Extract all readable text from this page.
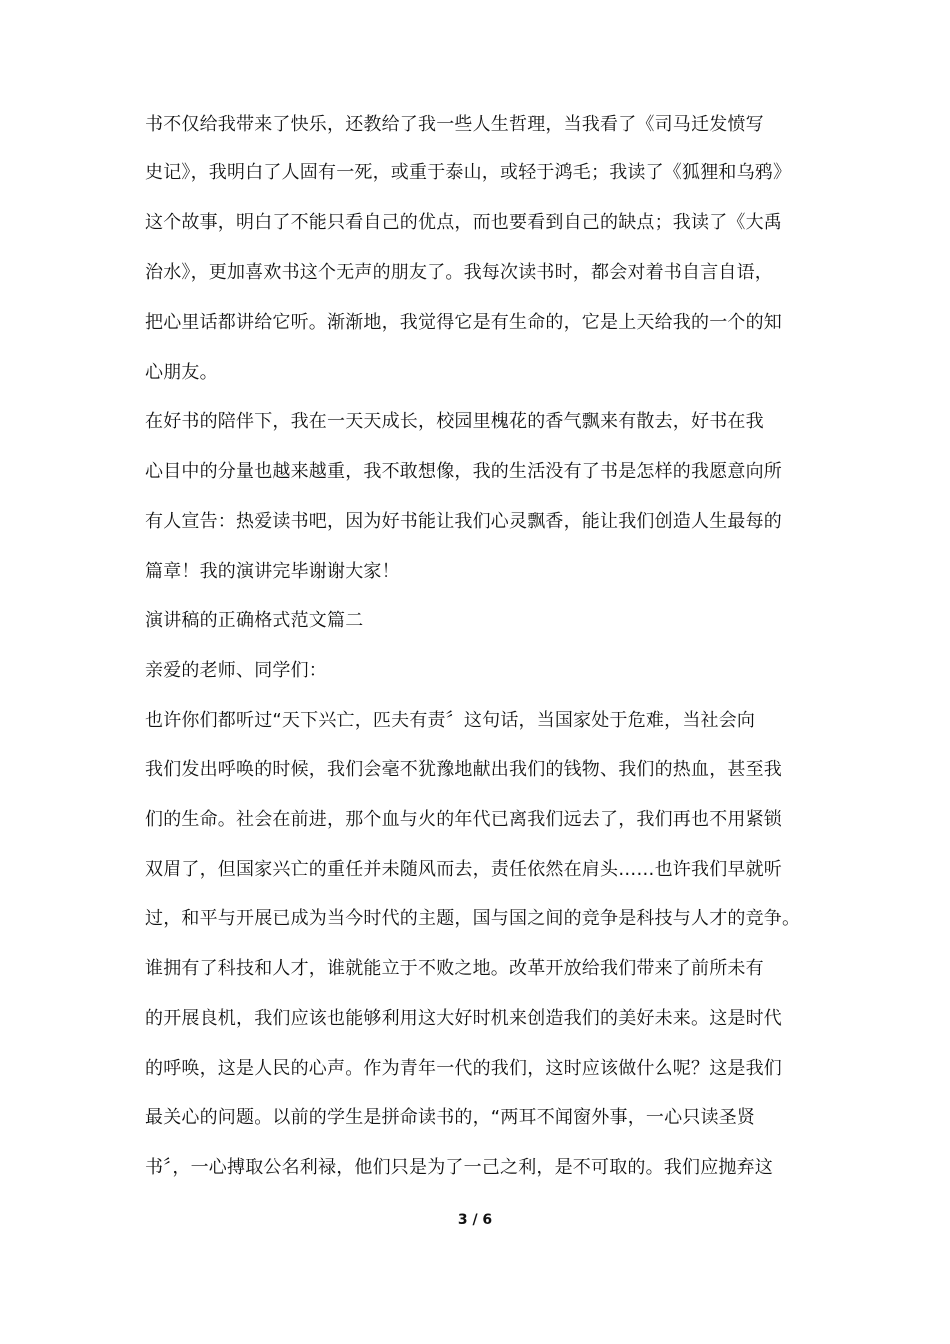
书不仅给我带来了快乐，还教给了我一些人生哲理，当我看了《司马迁发愤写
史记》，我明白了人固有一死，或重于泰山，或轻于鸿毛；我读了《狐狸和乌鸦》
这个故事，明白了不能只看自己的优点，而也要看到自己的缺点；我读了《大禹
治水》，更加喜欢书这个无声的朋友了。我每次读书时，都会对着书自言自语，
把心里话都讲给它听。渐渐地，我觉得它是有生命的，它是上天给我的一个的知
心朋友。
在好书的陪伴下，我在一天天成长，校园里槐花的香气飘来有散去，好书在我
心目中的分量也越来越重，我不敢想像，我的生活没有了书是怎样的我愿意向所
有人宣告：热爱读书吧，因为好书能让我们心灵飘香，能让我们创造人生最每的
篇章！我的演讲完毕谢谢大家！
演讲稿的正确格式范文篇二
亲爱的老师、同学们：
也许你们都听过“天下兴亡，匹夫有责〞这句话，当国家处于危难，当社会向
我们发出呼唤的时候，我们会毫不犹豫地献出我们的钱物、我们的热血，甚至我
们的生命。社会在前进，那个血与火的年代已离我们远去了，我们再也不用紧锁
双眉了，但国家兴亡的重任并未随风而去，责任依然在肩头……也许我们早就听
过，和平与开展已成为当今时代的主题，国与国之间的竞争是科技与人才的竞争。
谁拥有了科技和人才，谁就能立于不败之地。改革开放给我们带来了前所未有
的开展良机，我们应该也能够利用这大好时机来创造我们的美好未来。这是时代
的呼唤，这是人民的心声。作为青年一代的我们，这时应该做什么呢？这是我们
最关心的问题。以前的学生是拼命读书的，“两耳不闻窗外事，一心只读圣贤
书〞，一心搏取公名利禄，他们只是为了一己之利，是不可取的。我们应抛弃这
3 / 6
